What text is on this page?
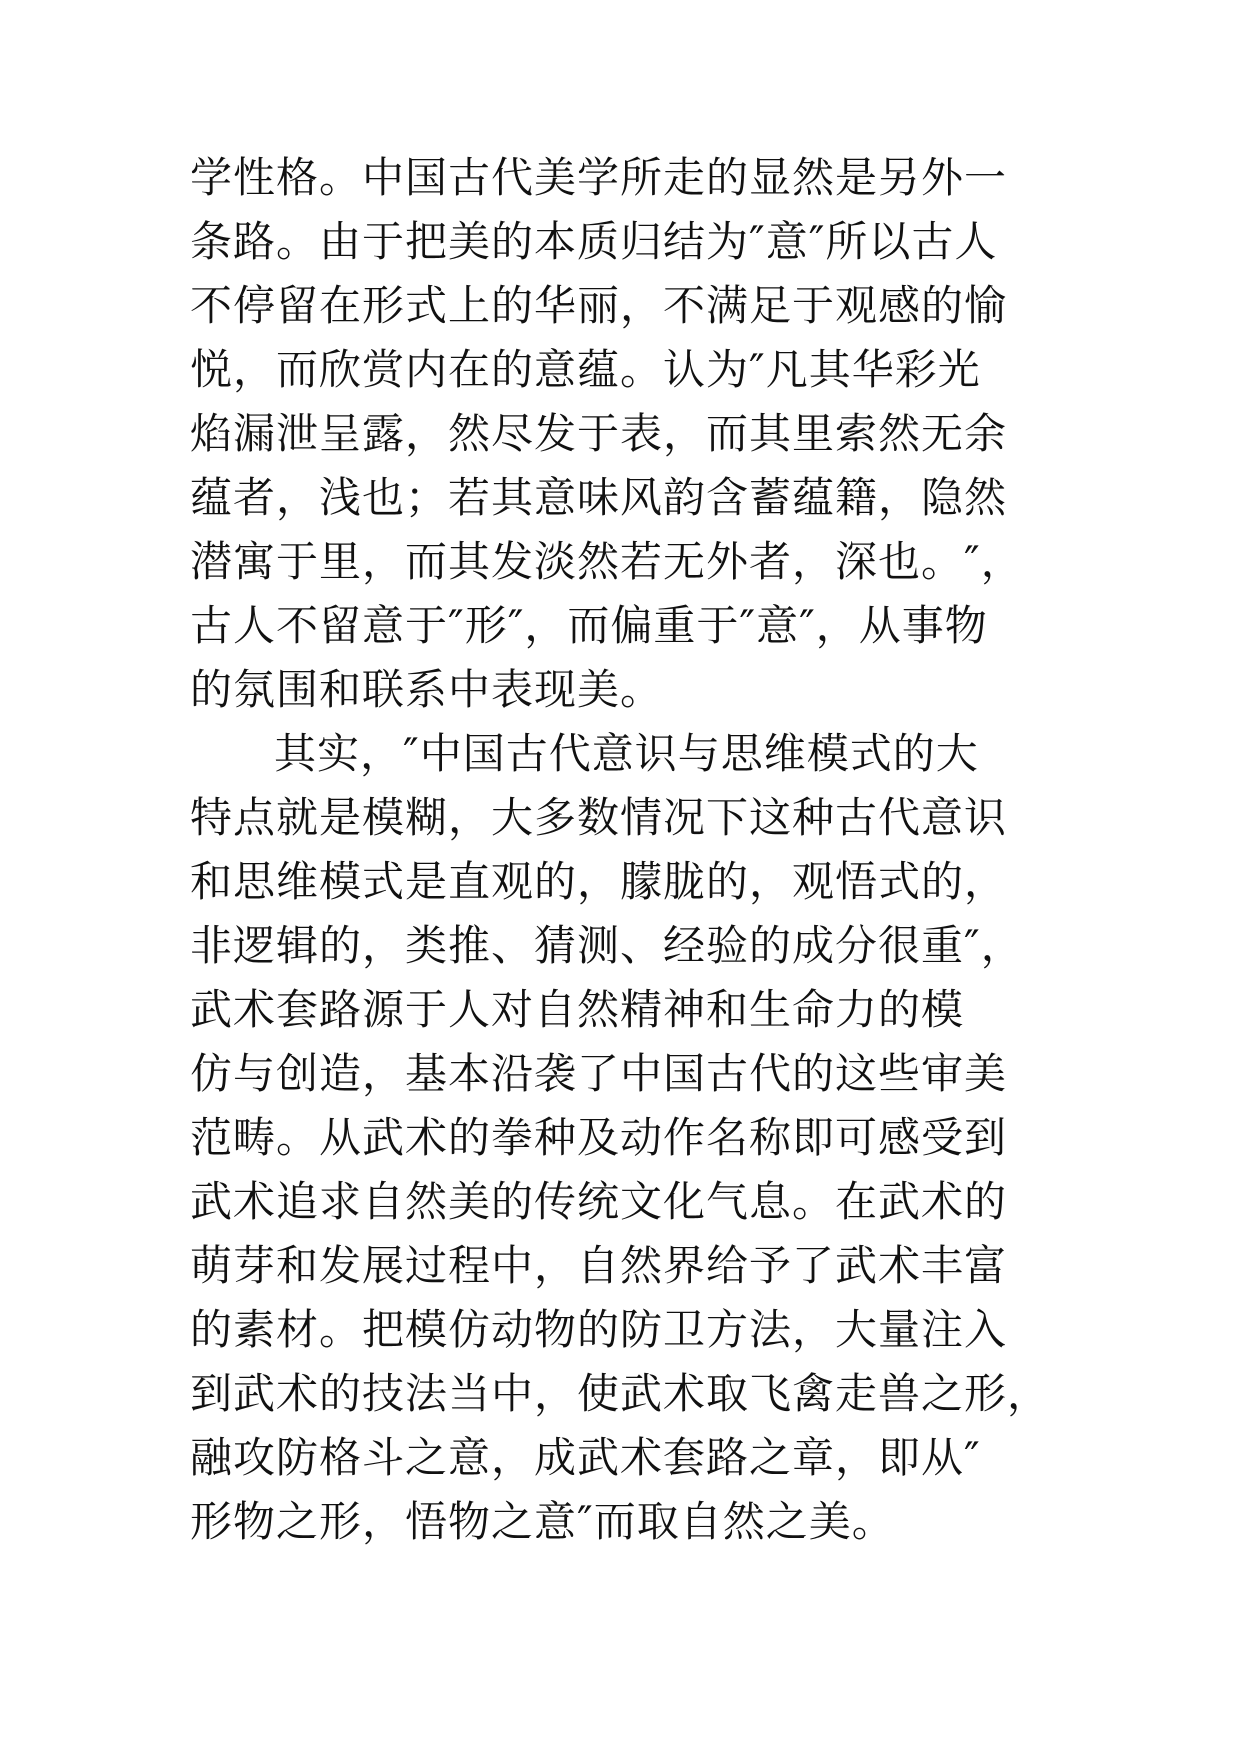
学性格。中国古代美学所走的显然是另外一
条路。由于把美的本质归结为″意″所以古人
不停留在形式上的华丽，不满足于观感的愉
悦，而欣赏内在的意蕴。认为″凡其华彩光
焰漏泄呈露，然尽发于表，而其里索然无余
蕴者，浅也；若其意味风韵含蓄蕴籍，隐然
潜寓于里，而其发淡然若无外者，深也。″，
古人不留意于″形″，而偏重于″意″，从事物
的氛围和联系中表现美。
其实，″中国古代意识与思维模式的大
特点就是模糊，大多数情况下这种古代意识
和思维模式是直观的，朦胧的，观悟式的，
非逻辑的，类推、猜测、经验的成分很重″，
武术套路源于人对自然精神和生命力的模
仿与创造，基本沿袭了中国古代的这些审美
范畴。从武术的拳种及动作名称即可感受到
武术追求自然美的传统文化气息。在武术的
萌芽和发展过程中，自然界给予了武术丰富
的素材。把模仿动物的防卫方法，大量注入
到武术的技法当中，使武术取飞禽走兽之形，
融攻防格斗之意，成武术套路之章，即从″
形物之形，悟物之意″而取自然之美。
